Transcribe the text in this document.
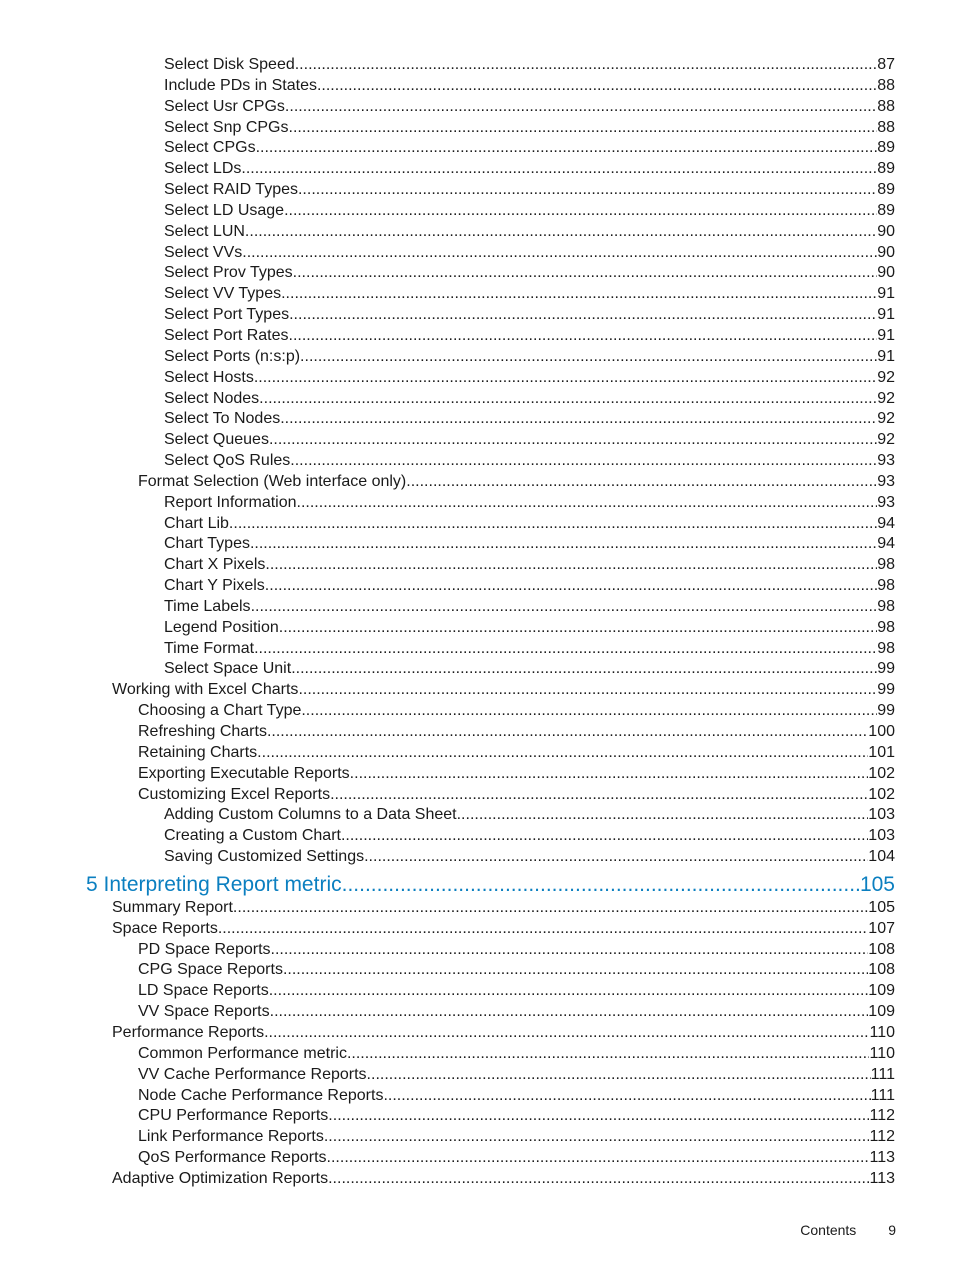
Select Disk Speed .....	87
Include PDs in States .....	88
Select Usr CPGs .....	88
Select Snp CPGs .....	88
Select CPGs .....	89
Select LDs .....	89
Select RAID Types .....	89
Select LD Usage .....	89
Select LUN .....	90
Select VVs .....	90
Select Prov Types .....	90
Select VV Types .....	91
Select Port Types .....	91
Select Port Rates .....	91
Select Ports (n:s:p) .....	91
Select Hosts .....	92
Select Nodes .....	92
Select To Nodes .....	92
Select Queues .....	92
Select QoS Rules .....	93
Format Selection (Web interface only) .....	93
Report Information .....	93
Chart Lib .....	94
Chart Types .....	94
Chart X Pixels .....	98
Chart Y Pixels .....	98
Time Labels .....	98
Legend Position .....	98
Time Format .....	98
Select Space Unit .....	99
Working with Excel Charts .....	99
Choosing a Chart Type .....	99
Refreshing Charts .....	100
Retaining Charts .....	101
Exporting Executable Reports .....	102
Customizing Excel Reports .....	102
Adding Custom Columns to a Data Sheet .....	103
Creating a Custom Chart .....	103
Saving Customized Settings .....	104
5 Interpreting Report metric .....	105
Summary Report .....	105
Space Reports .....	107
PD Space Reports .....	108
CPG Space Reports .....	108
LD Space Reports .....	109
VV Space Reports .....	109
Performance Reports .....	110
Common Performance metric .....	110
VV Cache Performance Reports .....	111
Node Cache Performance Reports .....	111
CPU Performance Reports .....	112
Link Performance Reports .....	112
QoS Performance Reports .....	113
Adaptive Optimization Reports .....	113
Contents 9
